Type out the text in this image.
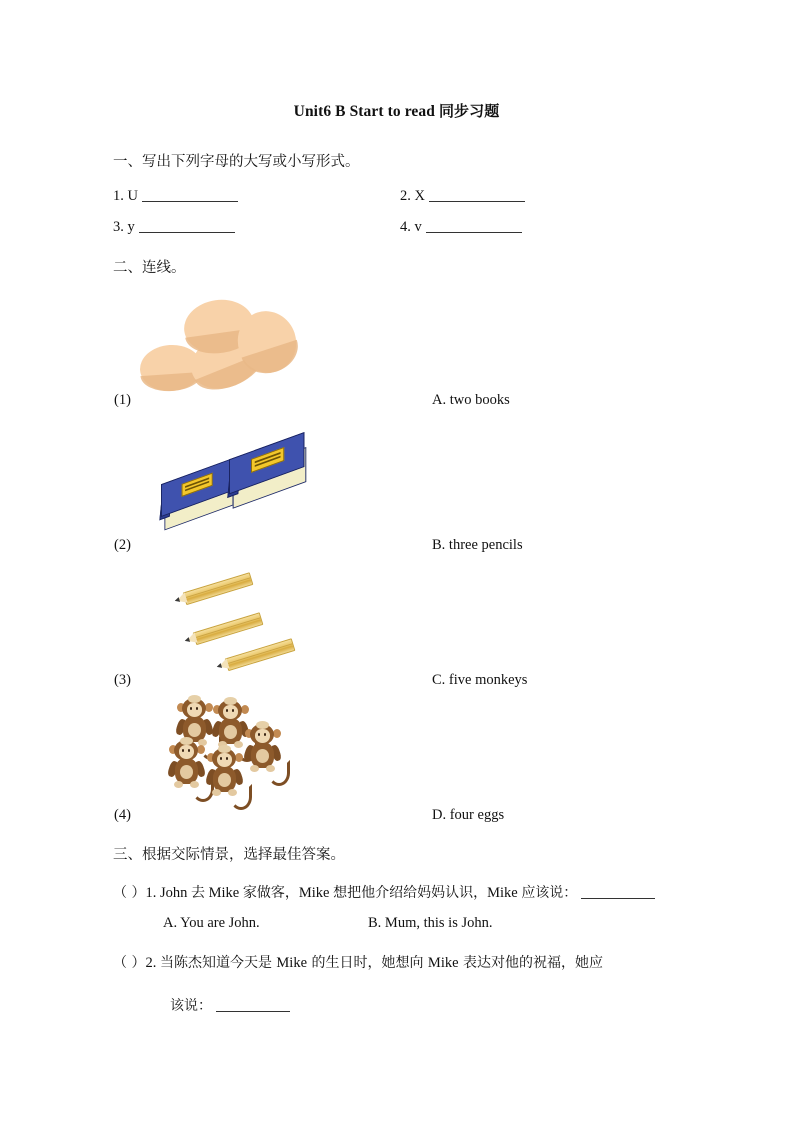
Unit6 B Start to read 同步习题
一、写出下列字母的大写或小写形式。
1. U	2. X
3. y	4. v
二、连线。
(1)	A. two books
(2)	B. three pencils
(3)	C. five monkeys
(4)	D. four eggs
三、根据交际情景，选择最佳答案。
（ ）1. John 去 Mike 家做客，Mike 想把他介绍给妈妈认识，Mike 应该说：
A. You are John.	B. Mum, this is John.
（ ）2. 当陈杰知道今天是 Mike 的生日时，她想向 Mike 表达对他的祝福，她应
该说：
